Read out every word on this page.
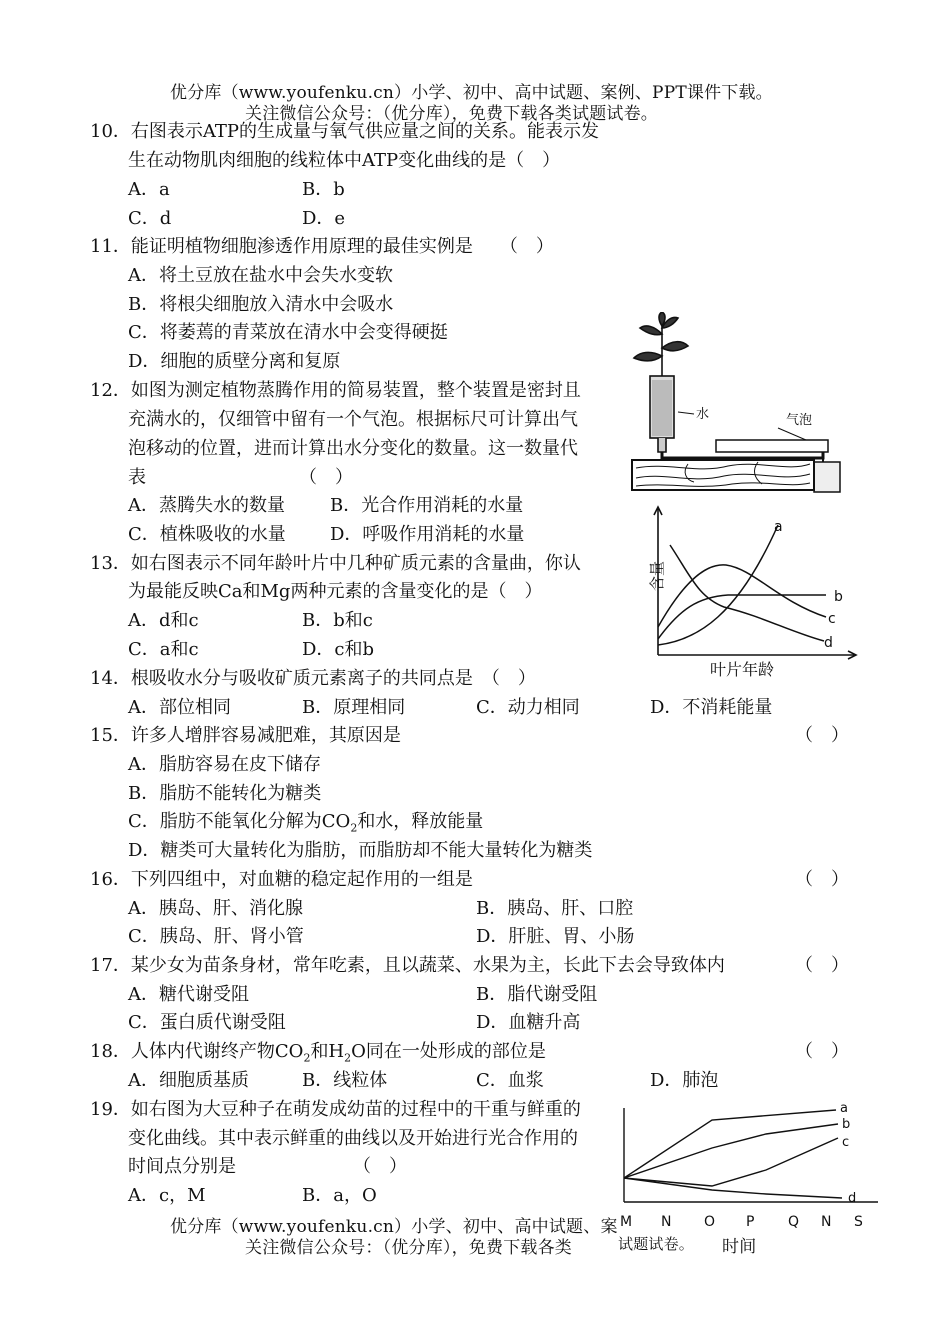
优分库（www.youfenku.cn）小学、初中、高中试题、案例、PPT课件下载。
关注微信公众号：（优分库），免费下载各类试题试卷。
10．右图表示ATP的生成量与氧气供应量之间的关系。能表示发
生在动物肌肉细胞的线粒体中ATP变化曲线的是（　）
A．a	B．b
C．d	D．e
11．能证明植物细胞渗透作用原理的最佳实例是　　（　）
A．将土豆放在盐水中会失水变软
B．将根尖细胞放入清水中会吸水
C．将萎蔫的青菜放在清水中会变得硬挺
D．细胞的质壁分离和复原
12．如图为测定植物蒸腾作用的简易装置，整个装置是密封且
充满水的，仅细管中留有一个气泡。根据标尺可计算出气
泡移动的位置，进而计算出水分变化的数量。这一数量代
表　　　　　　　　　（　）
A．蒸腾失水的数量	B．光合作用消耗的水量
C．植株吸收的水量 D．呼吸作用消耗的水量
水	气泡
13．如右图表示不同年龄叶片中几种矿质元素的含量曲，你认
为最能反映Ca和Mg两种元素的含量变化的是（　）
A．d和c	B．b和c
C．a和c	D．c和b
含量
叶片年龄
a
b
c
d
14．根吸收水分与吸收矿质元素离子的共同点是　（　）
A．部位相同	B．原理相同	C．动力相同	D．不消耗能量
15．许多人增胖容易减肥难，其原因是	（　）
A．脂肪容易在皮下储存
B．脂肪不能转化为糖类
C．脂肪不能氧化分解为$CO_2$和水，释放能量
D．糖类可大量转化为脂肪，而脂肪却不能大量转化为糖类
16．下列四组中，对血糖的稳定起作用的一组是	（　）
A．胰岛、肝、消化腺	B．胰岛、肝、口腔
C．胰岛、肝、肾小管	D．肝脏、胃、小肠
17．某少女为苗条身材，常年吃素，且以蔬菜、水果为主，长此下去会导致体内	（　）
A．糖代谢受阻	B．脂代谢受阻
C．蛋白质代谢受阻	D．血糖升高
18．人体内代谢终产物$CO_2$和$H_2O$同在一处形成的部位是	（　）
A．细胞质基质	B．线粒体	C．血浆	D．肺泡
19．如右图为大豆种子在萌发成幼苗的过程中的干重与鲜重的
变化曲线。其中表示鲜重的曲线以及开始进行光合作用的
时间点分别是　　　　　　　（　）
A．c，M	B．a，O
a
b
c
d
M N O P Q N S
优分库（www.youfenku.cn）小学、初中、高中试题、案
关注微信公众号：（优分库），免费下载各类	试题试卷。 时间
